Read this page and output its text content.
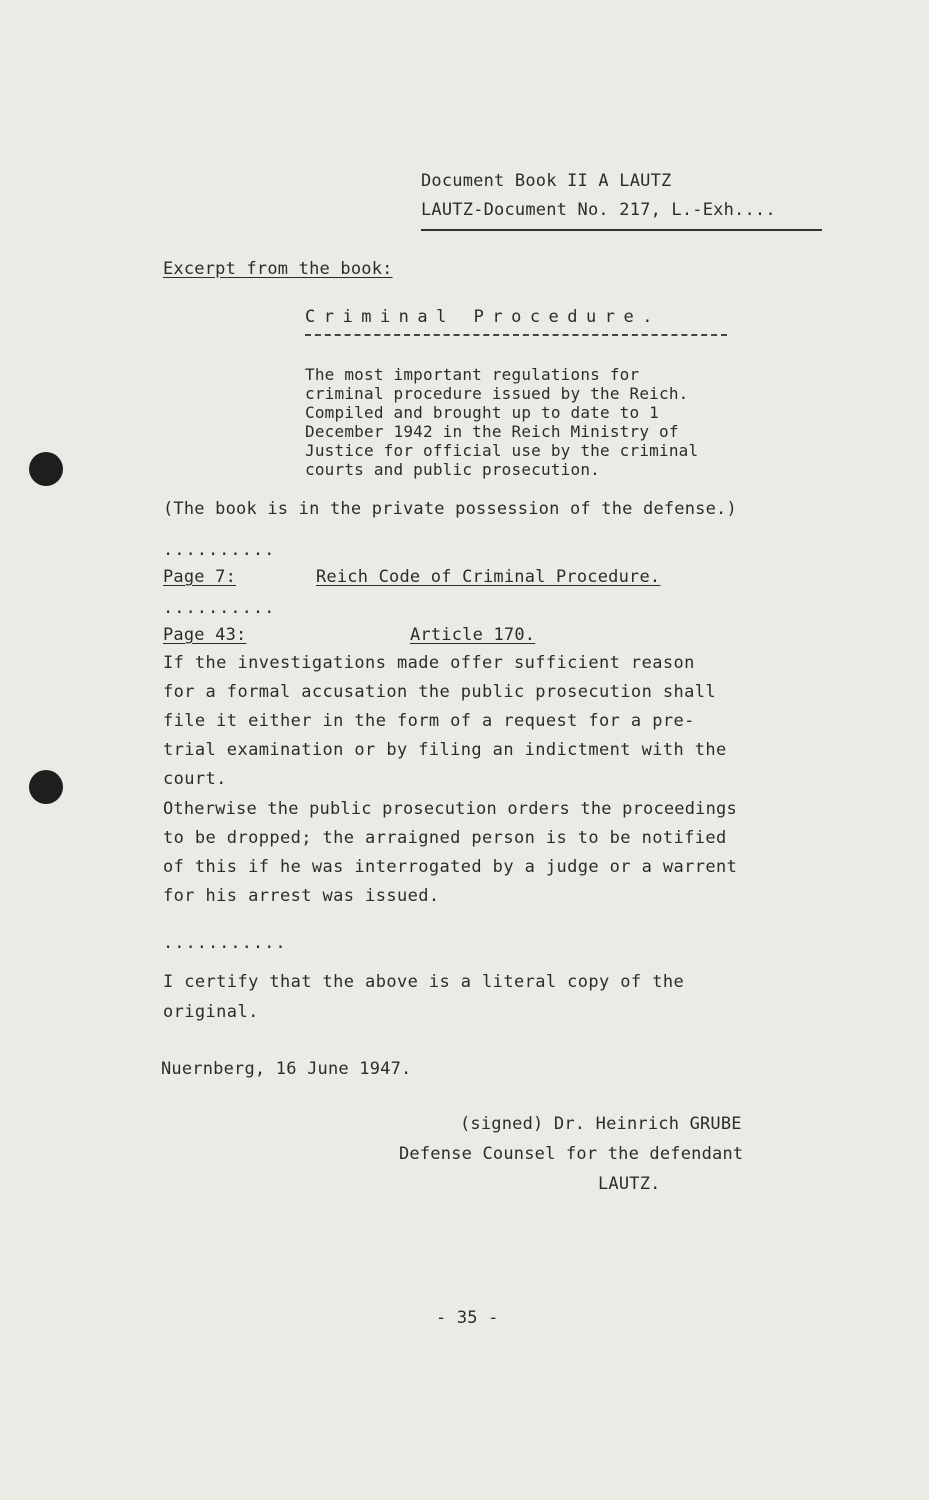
Document Book II A LAUTZ
LAUTZ-Document No. 217, L.-Exh....
Excerpt from the book:
Criminal Procedure.
The most important regulations for
criminal procedure issued by the Reich.
Compiled and brought up to date to 1
December 1942 in the Reich Ministry of
Justice for official use by the criminal
courts and public prosecution.
(The book is in the private possession of the defense.)
..........
Page 7:	Reich Code of Criminal Procedure.
..........
Page 43:	Article 170.
If the investigations made offer sufficient reason
for a formal accusation the public prosecution shall
file it either in the form of a request for a pre-
trial examination or by filing an indictment with the
court.
Otherwise the public prosecution orders the proceedings
to be dropped; the arraigned person is to be notified
of this if he was interrogated by a judge or a warrent
for his arrest was issued.
...........
I certify that the above is a literal copy of the
original.
Nuernberg, 16 June 1947.
(signed) Dr. Heinrich GRUBE
Defense Counsel for the defendant
LAUTZ.
- 35 -
